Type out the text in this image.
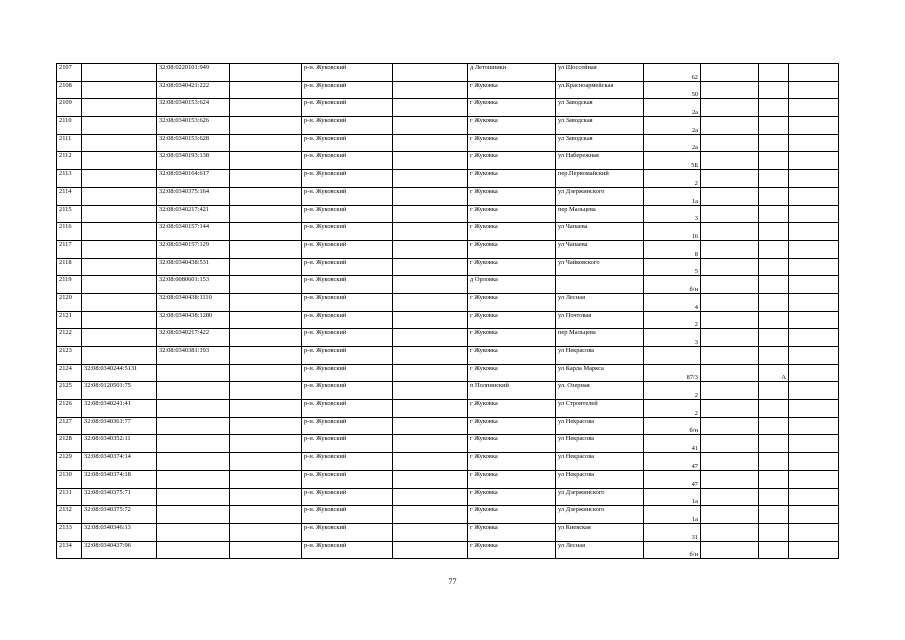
2107		32:08:0220101:949		р-н. Жуковский		д Летошники	ул Шоссейная	62			
2108		32:08:0340421:222		р-н. Жуковский		г Жуковка	ул.Красноармейская	50			
2109		32:08:0340153:624		р-н. Жуковский		г Жуковка	ул Заводская	2а			
2110		32:08:0340153:626		р-н. Жуковский		г Жуковка	ул Заводская	2а			
2111		32:08:0340153:628		р-н. Жуковский		г Жуковка	ул Заводская	2а			
2112		32:08:0340193:138		р-н. Жуковский		г Жуковка	ул Набережная	5Б			
2113		32:08:0340164:617		р-н. Жуковский		г Жуковка	пер.Первомайский	2			
2114		32:08:0340375:164		р-н. Жуковский		г Жуковка	ул Дзержинского	1а			
2115		32:08:0340217:421		р-н. Жуковский		г Жуковка	пер Мальцева	3			
2116		32:08:0340157:144		р-н. Жуковский		г Жуковка	ул Чапаева	16			
2117		32:08:0340157:129		р-н. Жуковский		г Жуковка	ул Чапаева	8			
2118		32:08:0340438:531		р-н. Жуковский		г Жуковка	ул Чайковского	5			
2119		32:08:0080601:153		р-н. Жуковский		д Орловка		б/н			
2120		32:08:0340438:1110		р-н. Жуковский		г Жуковка	ул Лесная	4			
2121		32:08:0340438:1280		р-н. Жуковский		г Жуковка	ул Почтовая	2			
2122		32:08:0340217:422		р-н. Жуковский		г Жуковка	пер Мальцева	3			
2123		32:08:0340381:193		р-н. Жуковский		г Жуковка	ул Некрасова				
2124	32:08:0340244:5131			р-н. Жуковский		г Жуковка	ул Карла Маркса	87/3		А	
2125	32:08:0120501:75			р-н. Жуковский		п Полпинский	ул. Озерная	2			
2126	32:08:0340241:41			р-н. Жуковский		г Жуковка	ул Строителей	2			
2127	32:08:0340361:77			р-н. Жуковский		г Жуковка	ул Некрасова	б/н			
2128	32:08:0340352:11			р-н. Жуковский		г Жуковка	ул Некрасова	41			
2129	32:08:0340374:14			р-н. Жуковский		г Жуковка	ул Некрасова	47			
2130	32:08:0340374:18			р-н. Жуковский		г Жуковка	ул Некрасова	47			
2131	32:08:0340375:71			р-н. Жуковский		г Жуковка	ул Дзержинского	1а			
2132	32:08:0340375:72			р-н. Жуковский		г Жуковка	ул Дзержинского	1а			
2133	32:08:0340346:13			р-н. Жуковский		г Жуковка	ул Киевская	31			
2134	32:08:0340437:96			р-н. Жуковский		г Жуковка	ул Лесная	б/н			
77
